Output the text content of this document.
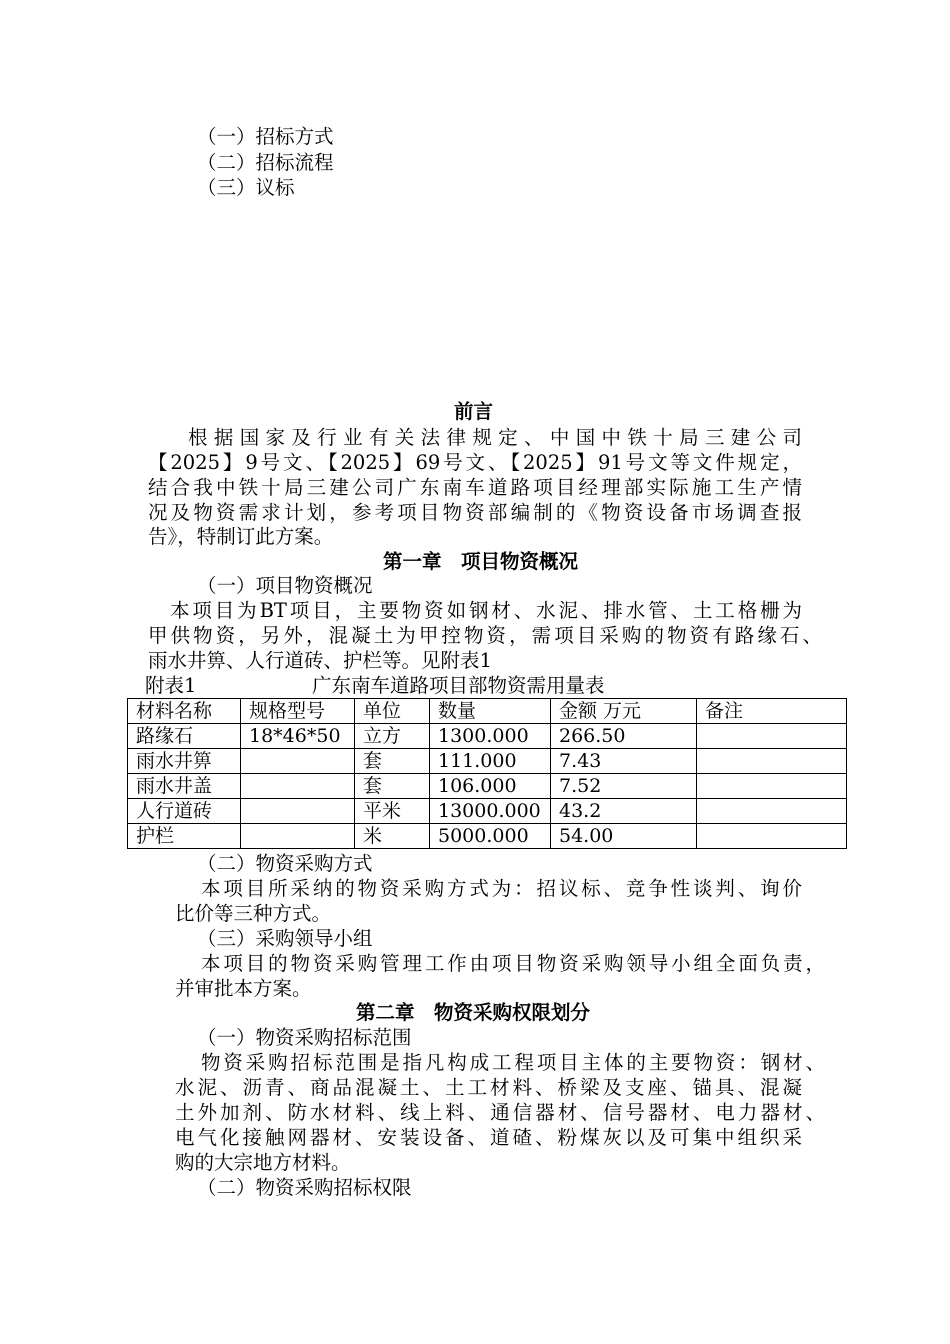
（一）招标方式
（二）招标流程
（三）议标
前言
根据国家及行业有关法律规定、中国中铁十局三建公司
【2025】9号文、【2025】69号文、【2025】91号文等文件规定，
结合我中铁十局三建公司广东南车道路项目经理部实际施工生产情
况及物资需求计划，参考项目物资部编制的《物资设备市场调查报
告》，特制订此方案。
第一章　项目物资概况
（一）项目物资概况
本项目为BT项目，主要物资如钢材、水泥、排水管、土工格栅为
甲供物资，另外，混凝土为甲控物资，需项目采购的物资有路缘石、
雨水井箅、人行道砖、护栏等。见附表1
附表1	广东南车道路项目部物资需用量表
材料名称	规格型号	单位	数量	金额 万元	备注
路缘石	18*46*50	立方	1300.000	266.50	
雨水井箅		套	111.000	7.43	
雨水井盖		套	106.000	7.52	
人行道砖		平米	13000.000	43.2	
护栏		米	5000.000	54.00	
（二）物资采购方式
本项目所采纳的物资采购方式为：招议标、竞争性谈判、询价
比价等三种方式。
（三）采购领导小组
本项目的物资采购管理工作由项目物资采购领导小组全面负责，
并审批本方案。
第二章　物资采购权限划分
（一）物资采购招标范围
物资采购招标范围是指凡构成工程项目主体的主要物资：钢材、
水泥、沥青、商品混凝土、土工材料、桥梁及支座、锚具、混凝
土外加剂、防水材料、线上料、通信器材、信号器材、电力器材、
电气化接触网器材、安装设备、道碴、粉煤灰以及可集中组织采
购的大宗地方材料。
（二）物资采购招标权限
